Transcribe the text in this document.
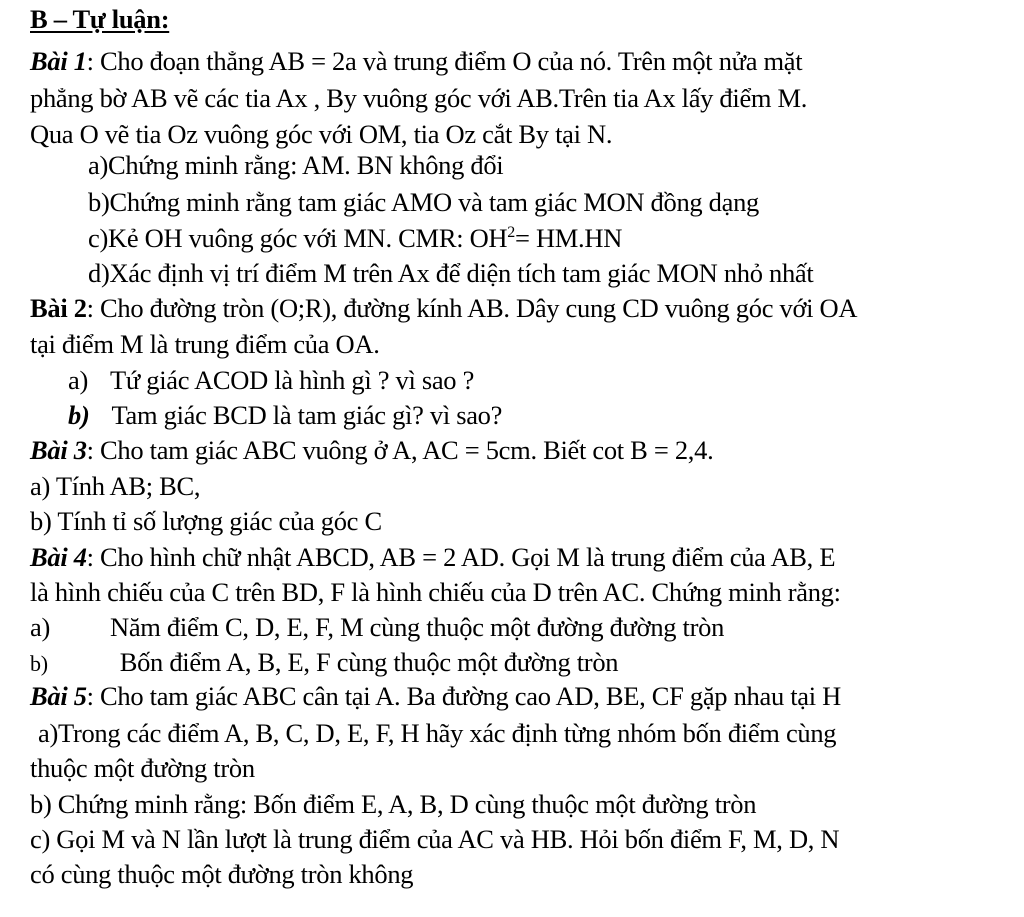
B – Tự luận:
Bài 1: Cho đoạn thẳng AB = 2a và trung điểm O của nó. Trên một nửa mặt
phẳng bờ AB vẽ các tia Ax , By vuông góc với AB.Trên tia Ax lấy điểm M.
Qua O vẽ tia Oz vuông góc với OM, tia Oz cắt By tại N.
a)Chứng minh rằng: AM. BN không đổi
b)Chứng minh rằng tam giác AMO và tam giác MON đồng dạng
c)Kẻ OH vuông góc với MN. CMR: $OH^2= HM.HN$
d)Xác định vị trí điểm M trên Ax để diện tích tam giác MON nhỏ nhất
Bài 2: Cho đường tròn (O;R), đường kính AB. Dây cung CD vuông góc với OA
tại điểm M là trung điểm của OA.
a) Tứ giác ACOD là hình gì ? vì sao ?
b) Tam giác BCD là tam giác gì? vì sao?
Bài 3: Cho tam giác ABC vuông ở A, AC = 5cm. Biết cot B = 2,4.
a) Tính AB; BC,
b) Tính tỉ số lượng giác của góc C
Bài 4: Cho hình chữ nhật ABCD, AB = 2 AD. Gọi M là trung điểm của AB, E
là hình chiếu của C trên BD, F là hình chiếu của D trên AC. Chứng minh rằng:
a) Năm điểm C, D, E, F, M cùng thuộc một đường đường tròn
b)	Bốn điểm A, B, E, F cùng thuộc một đường tròn
Bài 5: Cho tam giác ABC cân tại A. Ba đường cao AD, BE, CF gặp nhau tại H
a)Trong các điểm A, B, C, D, E, F, H hãy xác định từng nhóm bốn điểm cùng
thuộc một đường tròn
b) Chứng minh rằng: Bốn điểm E, A, B, D cùng thuộc một đường tròn
c) Gọi M và N lần lượt là trung điểm của AC và HB. Hỏi bốn điểm F, M, D, N
có cùng thuộc một đường tròn không
